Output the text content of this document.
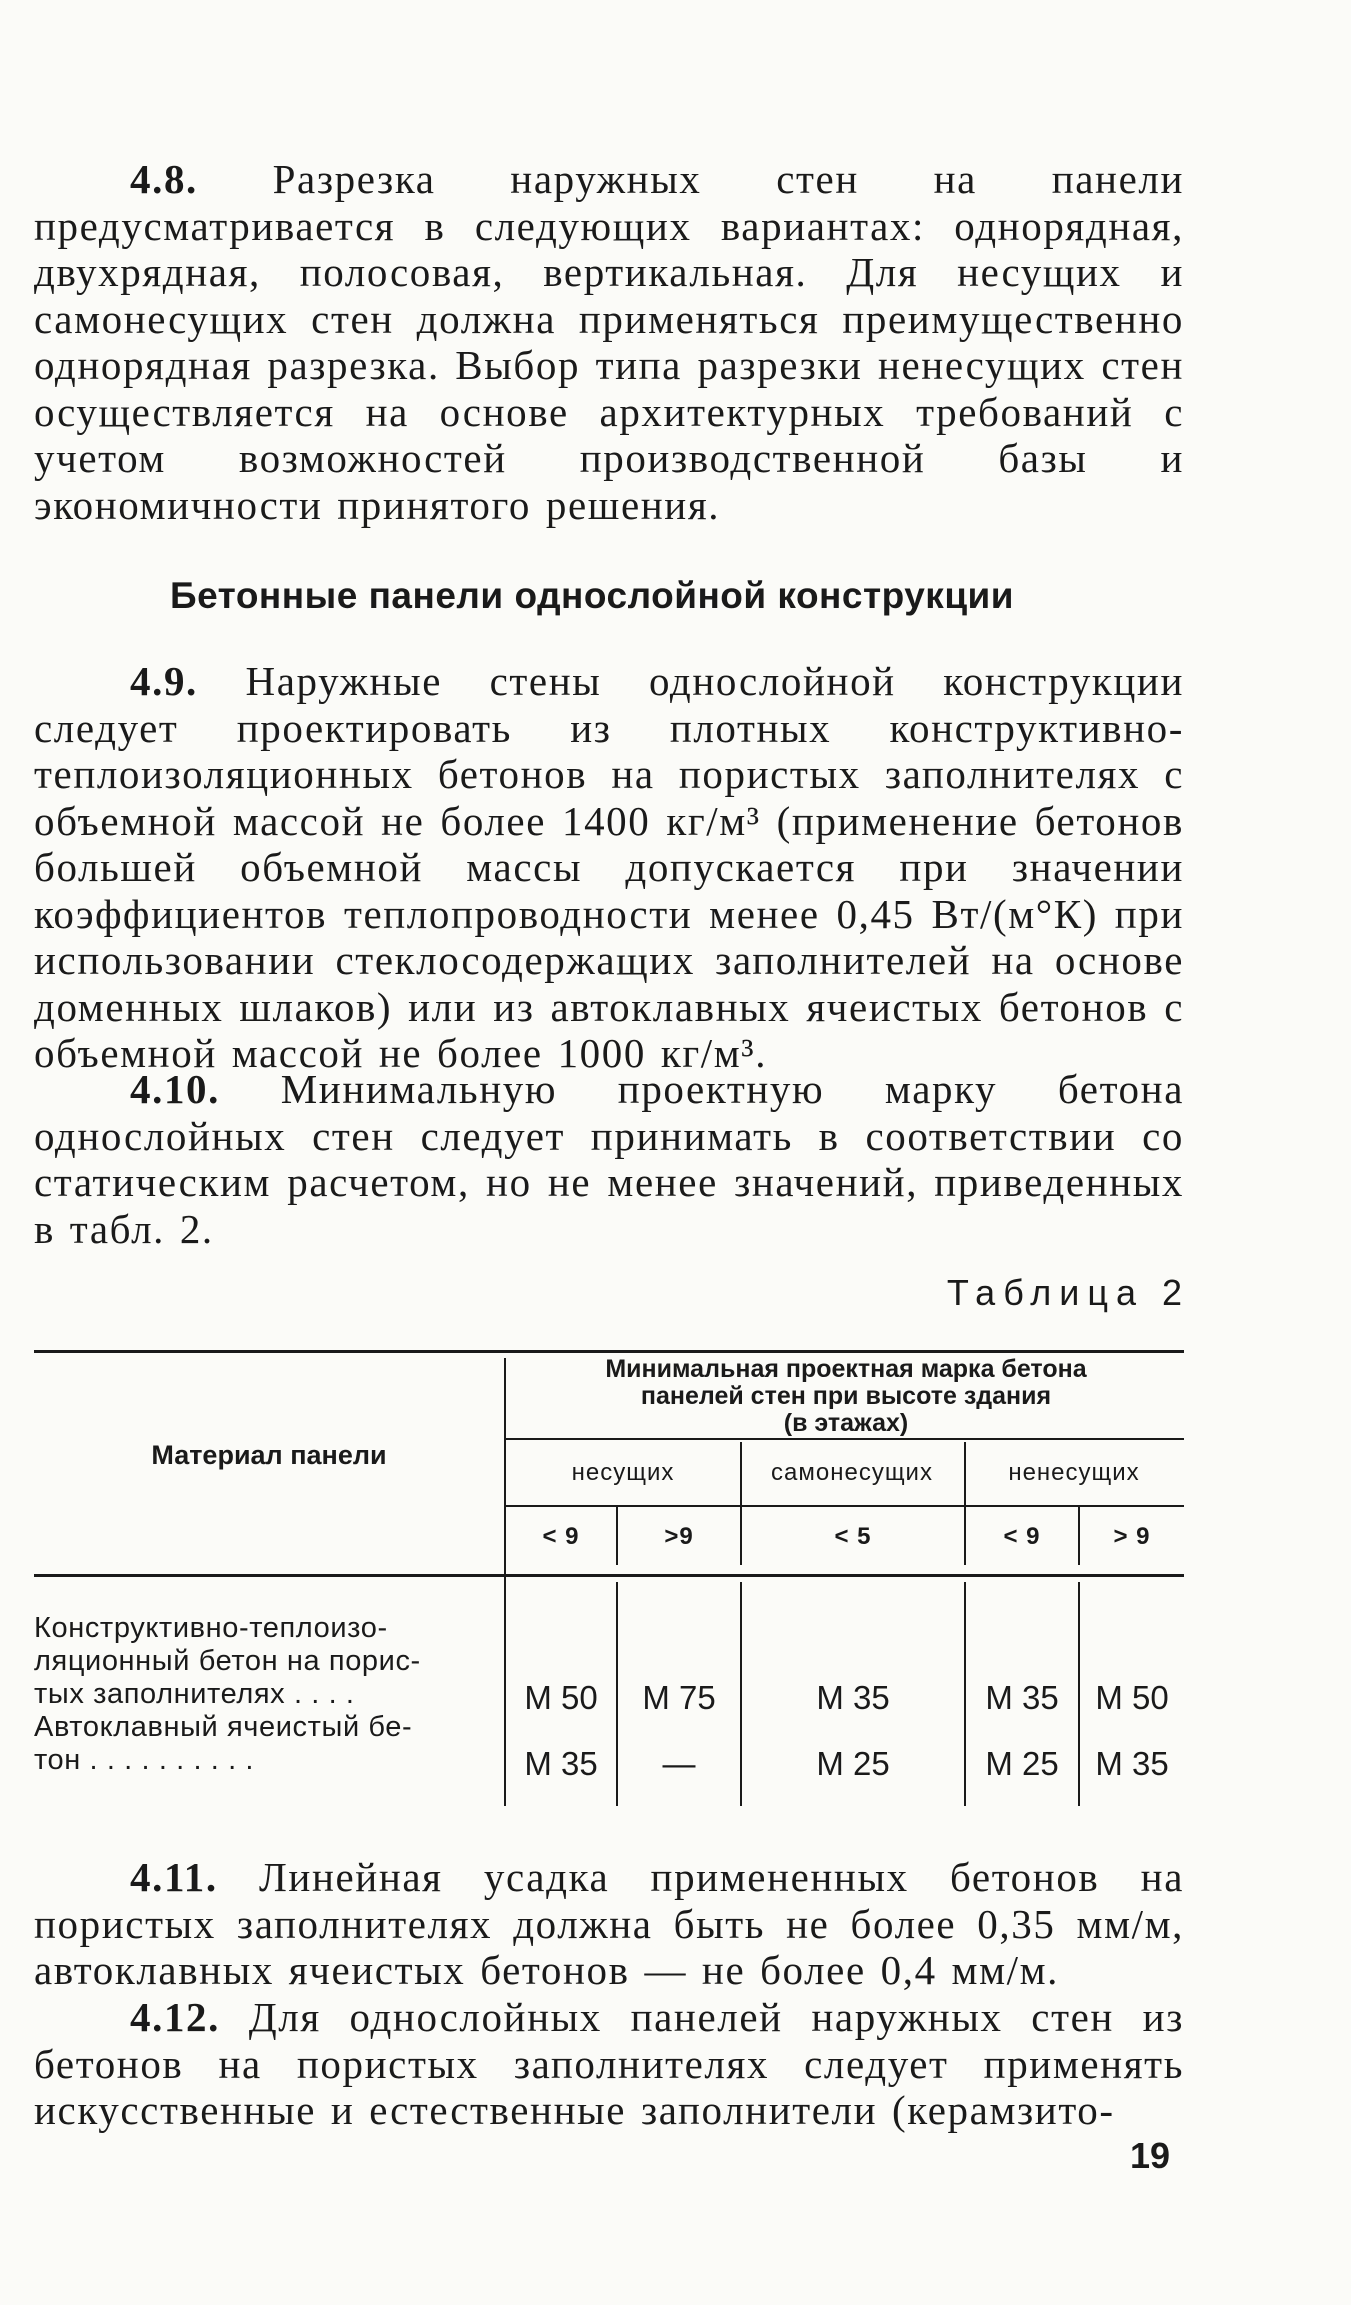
4.8. Разрезка наружных стен на панели предусматривается в следующих вариантах: однорядная, двухрядная, полосовая, вертикальная. Для несущих и самонесущих стен должна применяться преимущественно однорядная разрезка. Выбор типа разрезки ненесущих стен осуществляется на основе архитектурных требований с учетом возможностей производственной базы и экономичности принятого решения.

Бетонные панели однослойной конструкции

4.9. Наружные стены однослойной конструкции следует проектировать из плотных конструктивно-теплоизоляционных бетонов на пористых заполнителях с объемной массой не более 1400 кг/м³ (применение бетонов большей объемной массы допускается при значении коэффициентов теплопроводности менее 0,45 Вт/(м°К) при использовании стеклосодержащих заполнителей на основе доменных шлаков) или из автоклавных ячеистых бетонов с объемной массой не более 1000 кг/м³.

4.10. Минимальную проектную марку бетона однослойных стен следует принимать в соответствии со статическим расчетом, но не менее значений, приведенных в табл. 2.

Таблица 2
Материал панели
Минимальная проектная марка бетона
панелей стен при высоте здания
(в этажах)
несущих	самонесущих	ненесущих
< 9	>9	< 5	< 9	> 9
Конструктивно-теплоизо-
ляционный бетон на порис-
тых заполнителях . . . .	М 50	М 75	М 35	М 35	М 50
Автоклавный ячеистый бе-
тон . . . . . . . . . .	М 35	—	М 25	М 25	М 35

4.11. Линейная усадка примененных бетонов на пористых заполнителях должна быть не более 0,35 мм/м, автоклавных ячеистых бетонов — не более 0,4 мм/м.

4.12. Для однослойных панелей наружных стен из бетонов на пористых заполнителях следует применять искусственные и естественные заполнители (керамзито-

19
